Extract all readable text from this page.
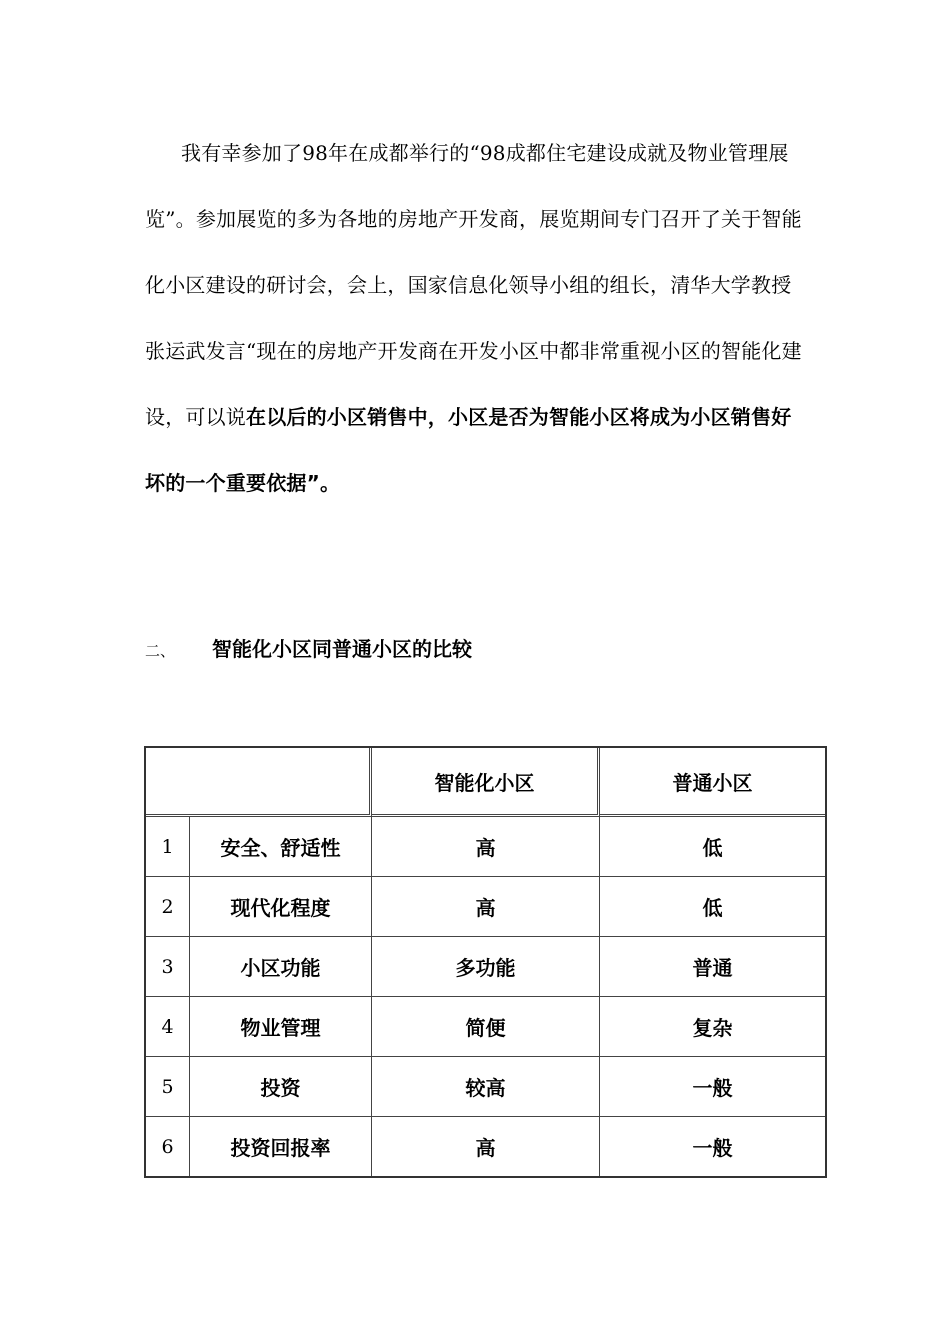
我有幸参加了98年在成都举行的“98成都住宅建设成就及物业管理展览”。参加展览的多为各地的房地产开发商，展览期间专门召开了关于智能化小区建设的研讨会，会上，国家信息化领导小组的组长，清华大学教授张运武发言“现在的房地产开发商在开发小区中都非常重视小区的智能化建设，可以说在以后的小区销售中，小区是否为智能小区将成为小区销售好坏的一个重要依据”。

二、 智能化小区同普通小区的比较
		智能化小区	普通小区
1	安全、舒适性	高	低
2	现代化程度	高	低
3	小区功能	多功能	普通
4	物业管理	简便	复杂
5	投资	较高	一般
6	投资回报率	高	一般
